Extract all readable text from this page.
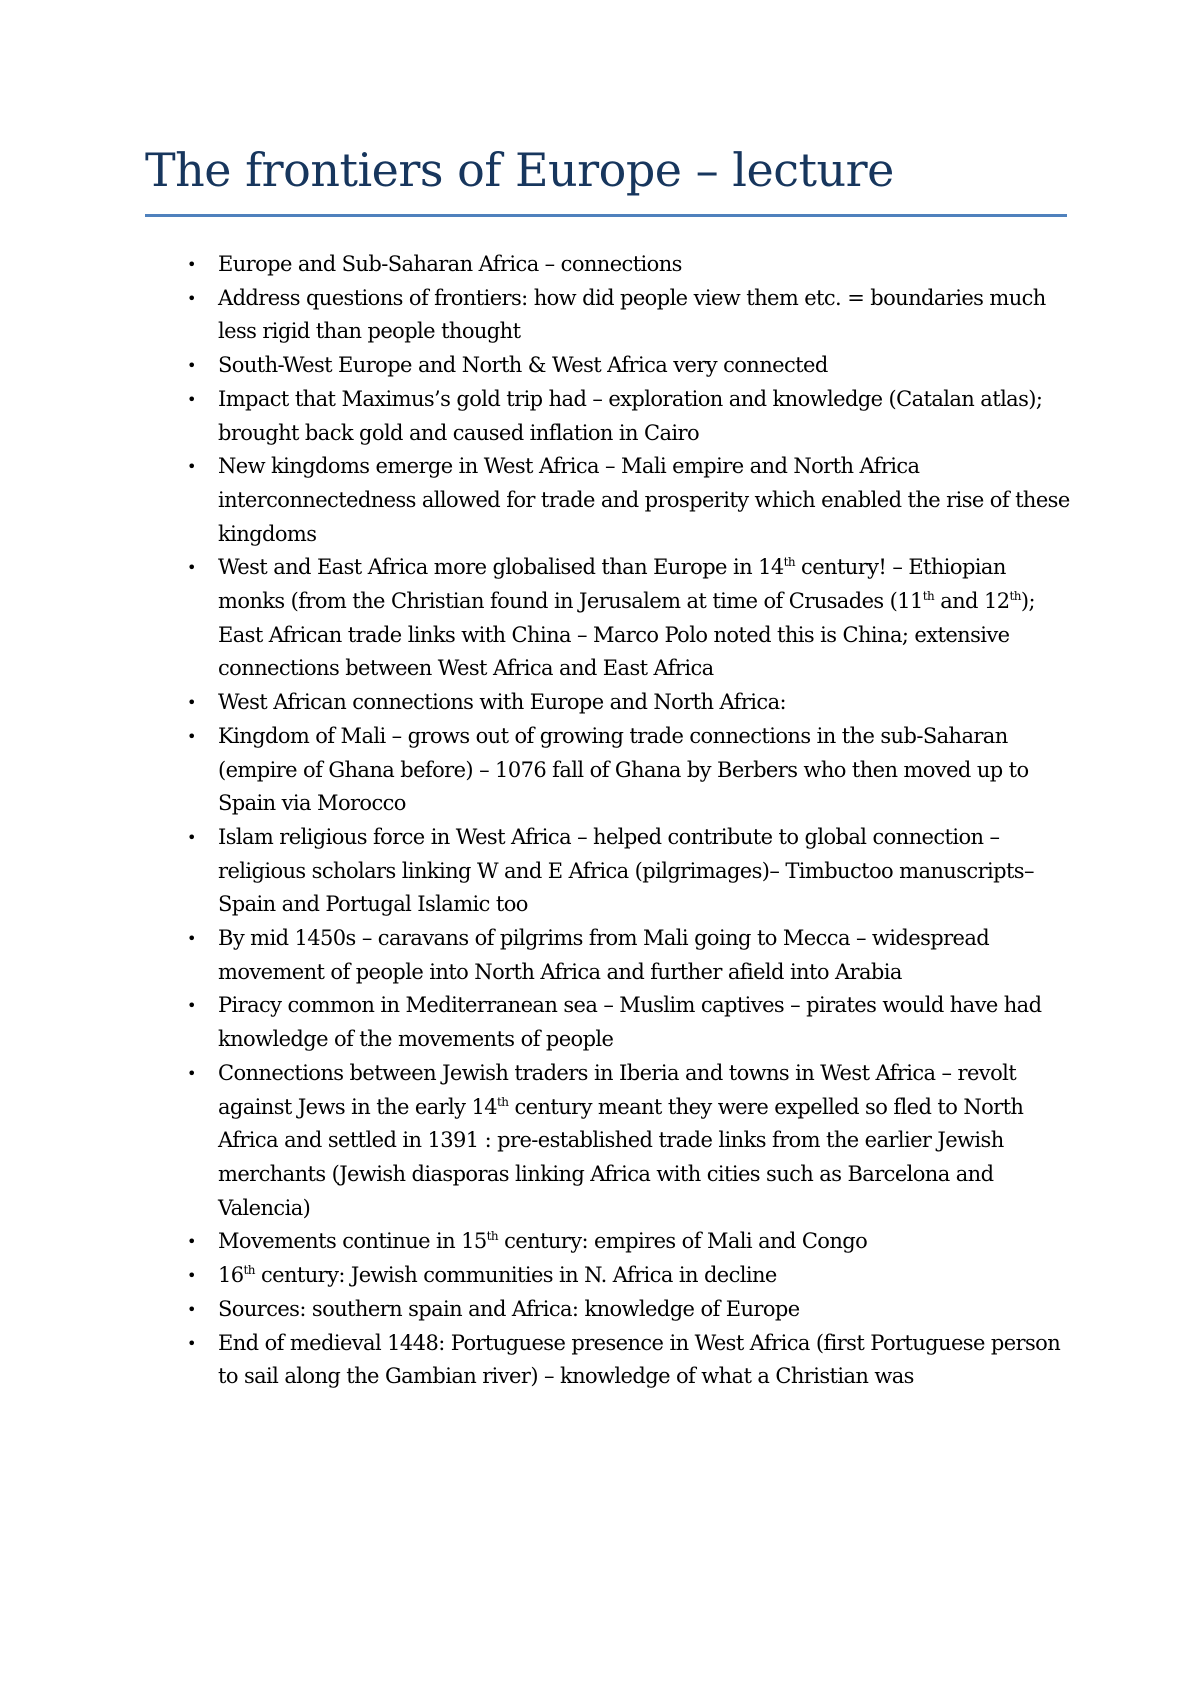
The frontiers of Europe – lecture
• Europe and Sub-Saharan Africa – connections
• Address questions of frontiers: how did people view them etc. = boundaries much less rigid than people thought
• South-West Europe and North & West Africa very connected
• Impact that Maximus’s gold trip had – exploration and knowledge (Catalan atlas); brought back gold and caused inflation in Cairo
• New kingdoms emerge in West Africa – Mali empire and North Africa interconnectedness allowed for trade and prosperity which enabled the rise of these kingdoms
• West and East Africa more globalised than Europe in 14th century! – Ethiopian monks (from the Christian found in Jerusalem at time of Crusades (11th and 12th); East African trade links with China – Marco Polo noted this is China; extensive connections between West Africa and East Africa
• West African connections with Europe and North Africa:
• Kingdom of Mali – grows out of growing trade connections in the sub-Saharan (empire of Ghana before) – 1076 fall of Ghana by Berbers who then moved up to Spain via Morocco
• Islam religious force in West Africa – helped contribute to global connection – religious scholars linking W and E Africa (pilgrimages)– Timbuctoo manuscripts– Spain and Portugal Islamic too
• By mid 1450s – caravans of pilgrims from Mali going to Mecca – widespread movement of people into North Africa and further afield into Arabia
• Piracy common in Mediterranean sea – Muslim captives – pirates would have had knowledge of the movements of people
• Connections between Jewish traders in Iberia and towns in West Africa – revolt against Jews in the early 14th century meant they were expelled so fled to North Africa and settled in 1391 : pre-established trade links from the earlier Jewish merchants (Jewish diasporas linking Africa with cities such as Barcelona and Valencia)
• Movements continue in 15th century: empires of Mali and Congo
• 16th century: Jewish communities in N. Africa in decline
• Sources: southern spain and Africa: knowledge of Europe
• End of medieval 1448: Portuguese presence in West Africa (first Portuguese person to sail along the Gambian river) – knowledge of what a Christian was
